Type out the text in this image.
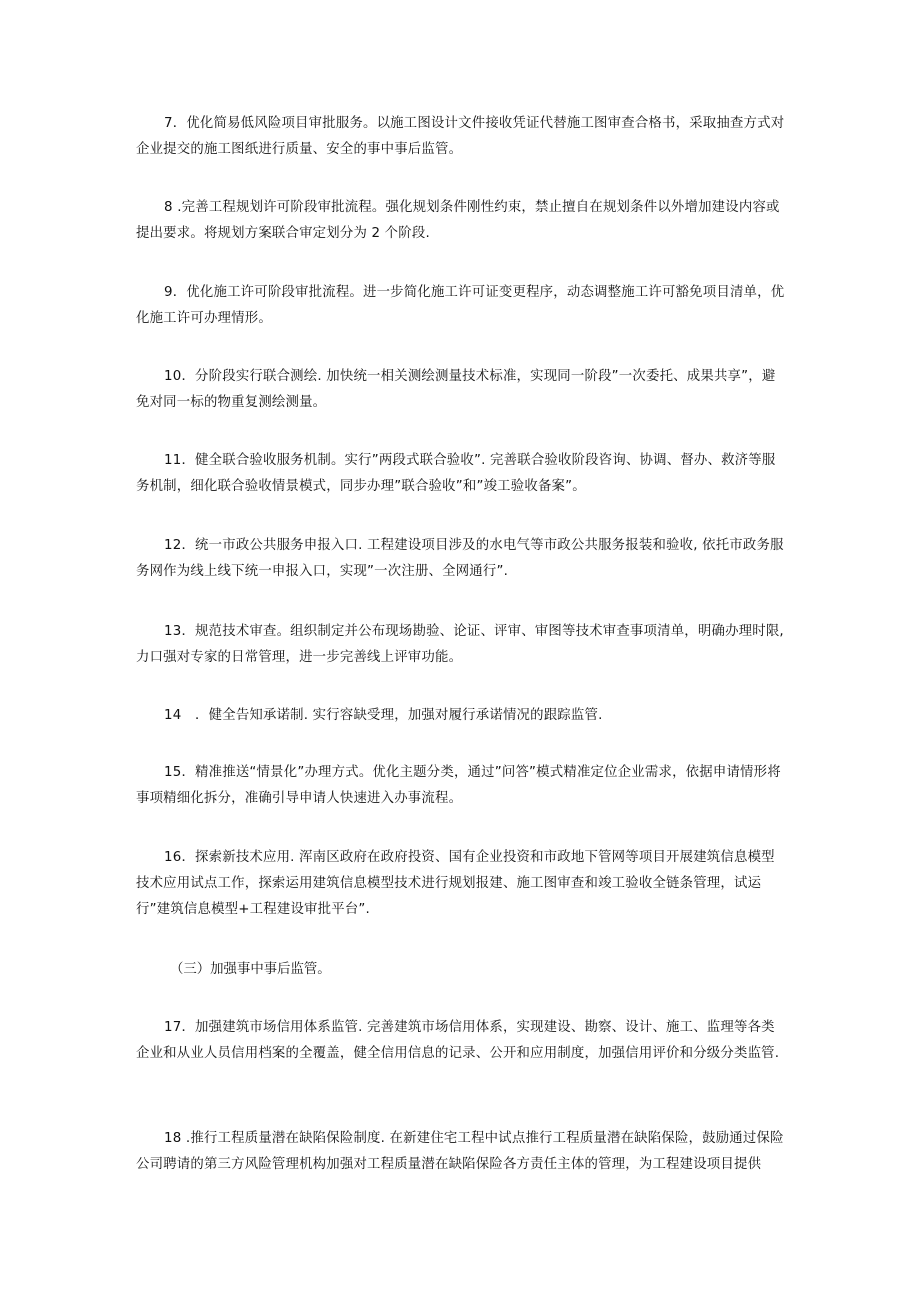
7．优化简易低风险项目审批服务。以施工图设计文件接收凭证代替施工图审查合格书，采取抽查方式对企业提交的施工图纸进行质量、安全的事中事后监管。

8 .完善工程规划许可阶段审批流程。强化规划条件刚性约束，禁止擅自在规划条件以外增加建设内容或提出要求。将规划方案联合审定划分为 2 个阶段.

9．优化施工许可阶段审批流程。进一步简化施工许可证变更程序，动态调整施工许可豁免项目清单，优化施工许可办理情形。

10．分阶段实行联合测绘. 加快统一相关测绘测量技术标准，实现同一阶段”一次委托、成果共享”，避免对同一标的物重复测绘测量。

11．健全联合验收服务机制。实行”两段式联合验收”. 完善联合验收阶段咨询、协调、督办、救济等服务机制，细化联合验收情景模式，同步办理”联合验收”和”竣工验收备案”。

12．统一市政公共服务申报入口. 工程建设项目涉及的水电气等市政公共服务报装和验收, 依托市政务服务网作为线上线下统一申报入口，实现”一次注册、全网通行”.

13．规范技术审查。组织制定并公布现场勘验、论证、评审、审图等技术审查事项清单，明确办理时限, 力口强对专家的日常管理，进一步完善线上评审功能。

14　．健全告知承诺制. 实行容缺受理，加强对履行承诺情况的跟踪监管.

15．精准推送“情景化”办理方式。优化主题分类，通过”问答”模式精准定位企业需求，依据申请情形将事项精细化拆分，准确引导申请人快速进入办事流程。

16．探索新技术应用. 浑南区政府在政府投资、国有企业投资和市政地下管网等项目开展建筑信息模型技术应用试点工作，探索运用建筑信息模型技术进行规划报建、施工图审查和竣工验收全链条管理，试运行”建筑信息模型+工程建设审批平台”.

（三）加强事中事后监管。

17．加强建筑市场信用体系监管. 完善建筑市场信用体系，实现建设、勘察、设计、施工、监理等各类企业和从业人员信用档案的全覆盖，健全信用信息的记录、公开和应用制度，加强信用评价和分级分类监管.

18 .推行工程质量潜在缺陷保险制度. 在新建住宅工程中试点推行工程质量潜在缺陷保险，鼓励通过保险公司聘请的第三方风险管理机构加强对工程质量潜在缺陷保险各方责任主体的管理，为工程建设项目提供
